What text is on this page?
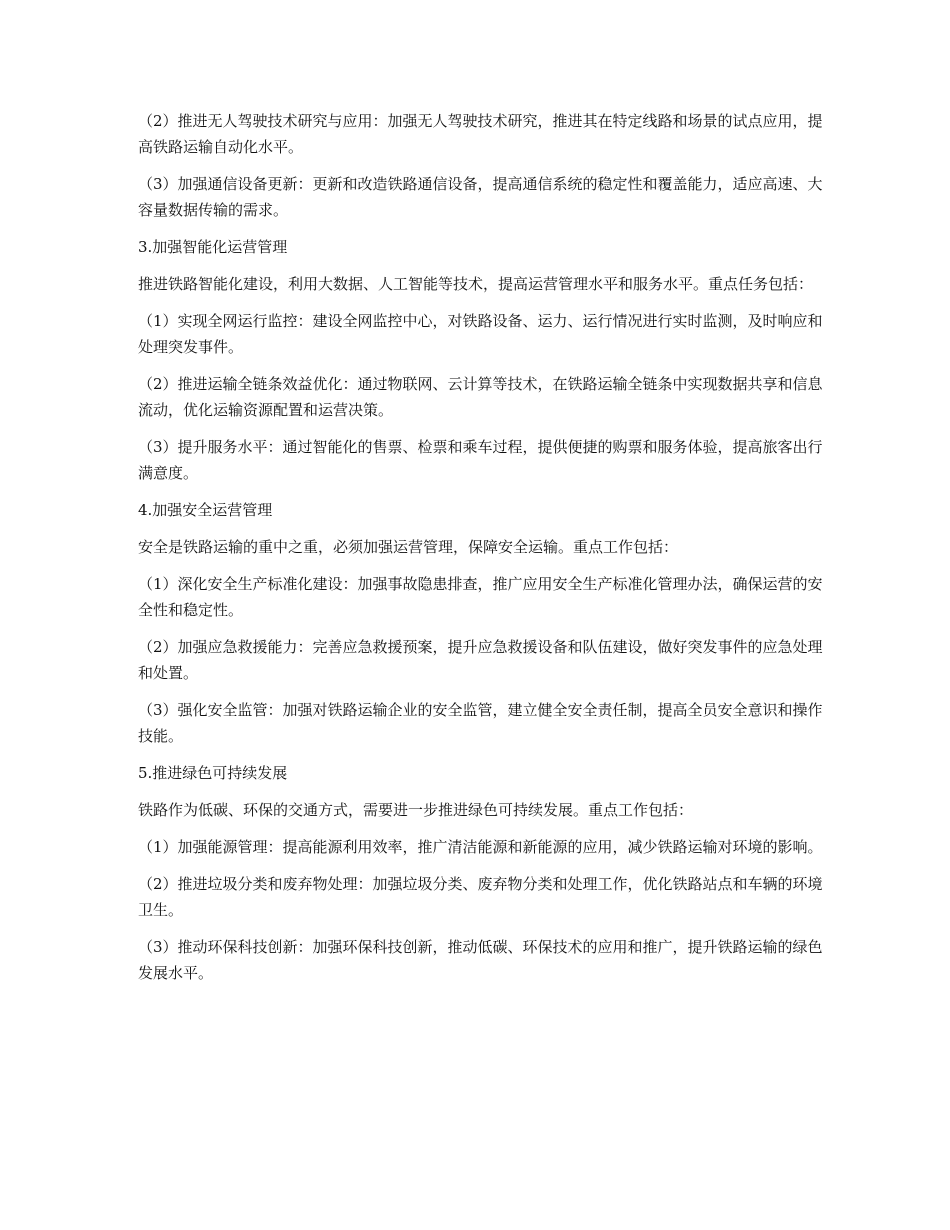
（2）推进无人驾驶技术研究与应用：加强无人驾驶技术研究，推进其在特定线路和场景的试点应用，提高铁路运输自动化水平。

（3）加强通信设备更新：更新和改造铁路通信设备，提高通信系统的稳定性和覆盖能力，适应高速、大容量数据传输的需求。

3.加强智能化运营管理

推进铁路智能化建设，利用大数据、人工智能等技术，提高运营管理水平和服务水平。重点任务包括：

（1）实现全网运行监控：建设全网监控中心，对铁路设备、运力、运行情况进行实时监测，及时响应和处理突发事件。

（2）推进运输全链条效益优化：通过物联网、云计算等技术，在铁路运输全链条中实现数据共享和信息流动，优化运输资源配置和运营决策。

（3）提升服务水平：通过智能化的售票、检票和乘车过程，提供便捷的购票和服务体验，提高旅客出行满意度。

4.加强安全运营管理

安全是铁路运输的重中之重，必须加强运营管理，保障安全运输。重点工作包括：

（1）深化安全生产标准化建设：加强事故隐患排查，推广应用安全生产标准化管理办法，确保运营的安全性和稳定性。

（2）加强应急救援能力：完善应急救援预案，提升应急救援设备和队伍建设，做好突发事件的应急处理和处置。

（3）强化安全监管：加强对铁路运输企业的安全监管，建立健全安全责任制，提高全员安全意识和操作技能。

5.推进绿色可持续发展

铁路作为低碳、环保的交通方式，需要进一步推进绿色可持续发展。重点工作包括：

（1）加强能源管理：提高能源利用效率，推广清洁能源和新能源的应用，减少铁路运输对环境的影响。

（2）推进垃圾分类和废弃物处理：加强垃圾分类、废弃物分类和处理工作，优化铁路站点和车辆的环境卫生。

（3）推动环保科技创新：加强环保科技创新，推动低碳、环保技术的应用和推广，提升铁路运输的绿色发展水平。
